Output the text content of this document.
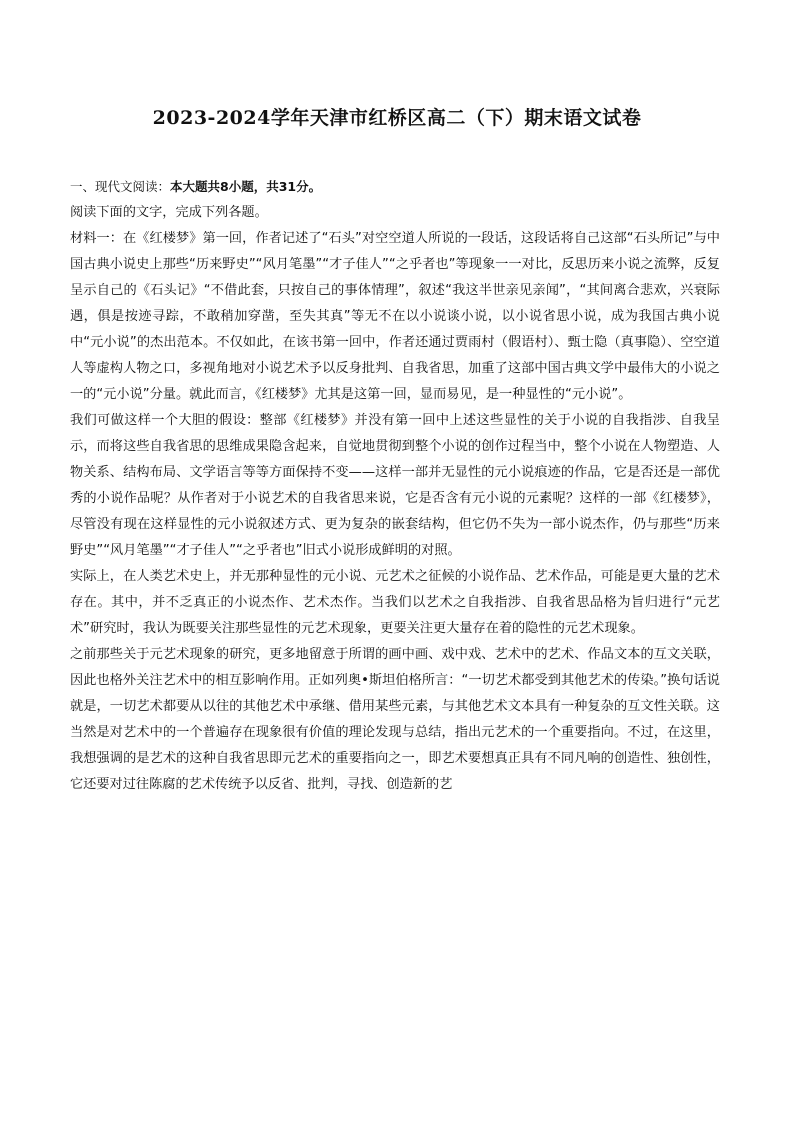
2023-2024学年天津市红桥区高二（下）期末语文试卷

一、现代文阅读：本大题共8小题，共31分。

阅读下面的文字，完成下列各题。

材料一：在《红楼梦》第一回，作者记述了“石头”对空空道人所说的一段话，这段话将自己这部“石头所记”与中国古典小说史上那些“历来野史”“风月笔墨”“才子佳人”“之乎者也”等现象一一对比，反思历来小说之流弊，反复呈示自己的《石头记》“不借此套，只按自己的事体情理”，叙述“我这半世亲见亲闻”，“其间离合悲欢，兴衰际遇，俱是按迹寻踪，不敢稍加穿凿，至失其真”等无不在以小说谈小说，以小说省思小说，成为我国古典小说中“元小说”的杰出范本。不仅如此，在该书第一回中，作者还通过贾雨村（假语村）、甄士隐（真事隐）、空空道人等虚构人物之口，多视角地对小说艺术予以反身批判、自我省思，加重了这部中国古典文学中最伟大的小说之一的“元小说”分量。就此而言，《红楼梦》尤其是这第一回，显而易见，是一种显性的“元小说”。

我们可做这样一个大胆的假设：整部《红楼梦》并没有第一回中上述这些显性的关于小说的自我指涉、自我呈示，而将这些自我省思的思维成果隐含起来，自觉地贯彻到整个小说的创作过程当中，整个小说在人物塑造、人物关系、结构布局、文学语言等等方面保持不变——这样一部并无显性的元小说痕迹的作品，它是否还是一部优秀的小说作品呢？从作者对于小说艺术的自我省思来说，它是否含有元小说的元素呢？这样的一部《红楼梦》，尽管没有现在这样显性的元小说叙述方式、更为复杂的嵌套结构，但它仍不失为一部小说杰作，仍与那些“历来野史”“风月笔墨”“才子佳人”“之乎者也”旧式小说形成鲜明的对照。

实际上，在人类艺术史上，并无那种显性的元小说、元艺术之征候的小说作品、艺术作品，可能是更大量的艺术存在。其中，并不乏真正的小说杰作、艺术杰作。当我们以艺术之自我指涉、自我省思品格为旨归进行“元艺术”研究时，我认为既要关注那些显性的元艺术现象，更要关注更大量存在着的隐性的元艺术现象。

之前那些关于元艺术现象的研究，更多地留意于所谓的画中画、戏中戏、艺术中的艺术、作品文本的互文关联，因此也格外关注艺术中的相互影响作用。正如列奥•斯坦伯格所言：“一切艺术都受到其他艺术的传染。”换句话说就是，一切艺术都要从以往的其他艺术中承继、借用某些元素，与其他艺术文本具有一种复杂的互文性关联。这当然是对艺术中的一个普遍存在现象很有价值的理论发现与总结，指出元艺术的一个重要指向。不过，在这里，我想强调的是艺术的这种自我省思即元艺术的重要指向之一，即艺术要想真正具有不同凡响的创造性、独创性，它还要对过往陈腐的艺术传统予以反省、批判，寻找、创造新的艺
